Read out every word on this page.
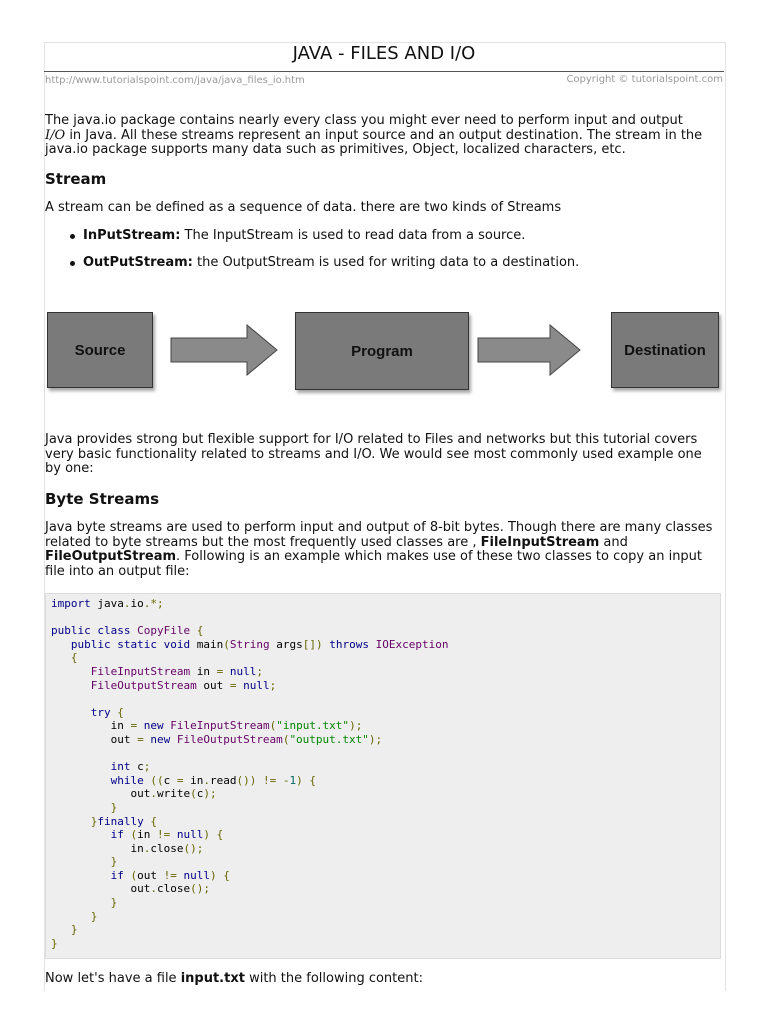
JAVA - FILES AND I/O
http://www.tutorialspoint.com/java/java_files_io.htm	Copyright © tutorialspoint.com

The java.io package contains nearly every class you might ever need to perform input and output
I/O in Java. All these streams represent an input source and an output destination. The stream in the java.io package supports many data such as primitives, Object, localized characters, etc.

Stream

A stream can be defined as a sequence of data. there are two kinds of Streams

InPutStream: The InputStream is used to read data from a source.
OutPutStream: the OutputStream is used for writing data to a destination.
Source	Program	Destination

Java provides strong but flexible support for I/O related to Files and networks but this tutorial covers very basic functionality related to streams and I/O. We would see most commonly used example one by one:

Byte Streams

Java byte streams are used to perform input and output of 8-bit bytes. Though there are many classes related to byte streams but the most frequently used classes are , FileInputStream and FileOutputStream. Following is an example which makes use of these two classes to copy an input file into an output file:

import java.io.*;

public class CopyFile {
public static void main(String args[]) throws IOException
{
FileInputStream in = null;
FileOutputStream out = null;

try {
in = new FileInputStream("input.txt");
out = new FileOutputStream("output.txt");

int c;
while ((c = in.read()) != -1) {
out.write(c);
}
}finally {
if (in != null) {
in.close();
}
if (out != null) {
out.close();
}
}
}
}

Now let's have a file input.txt with the following content:
